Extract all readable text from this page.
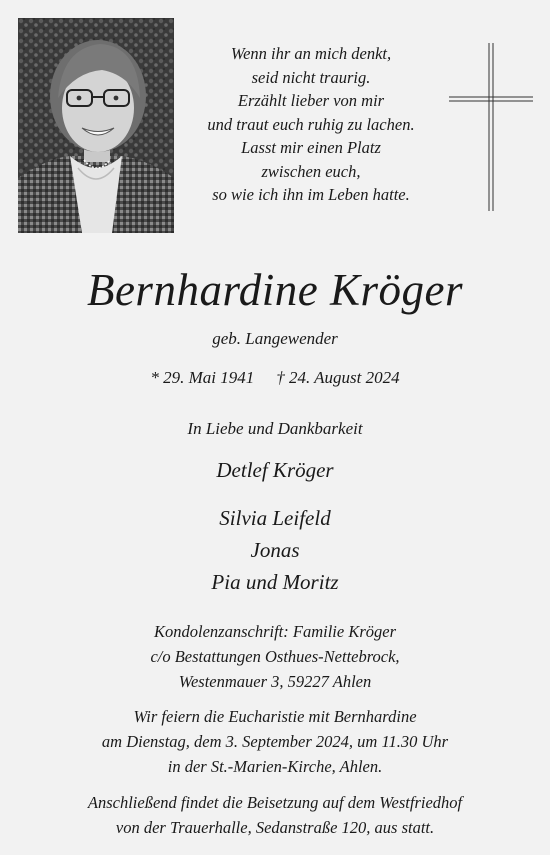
Wenn ihr an mich denkt,
seid nicht traurig.
Erzählt lieber von mir
und traut euch ruhig zu lachen.
Lasst mir einen Platz
zwischen euch,
so wie ich ihn im Leben hatte.
Bernhardine Kröger
geb. Langewender
* 29. Mai 1941 † 24. August 2024
In Liebe und Dankbarkeit
Detlef Kröger
Silvia Leifeld
Jonas
Pia und Moritz
Kondolenzanschrift: Familie Kröger
c/o Bestattungen Osthues-Nettebrock,
Westenmauer 3, 59227 Ahlen
Wir feiern die Eucharistie mit Bernhardine
am Dienstag, dem 3. September 2024, um 11.30 Uhr
in der St.-Marien-Kirche, Ahlen.
Anschließend findet die Beisetzung auf dem Westfriedhof
von der Trauerhalle, Sedanstraße 120, aus statt.
